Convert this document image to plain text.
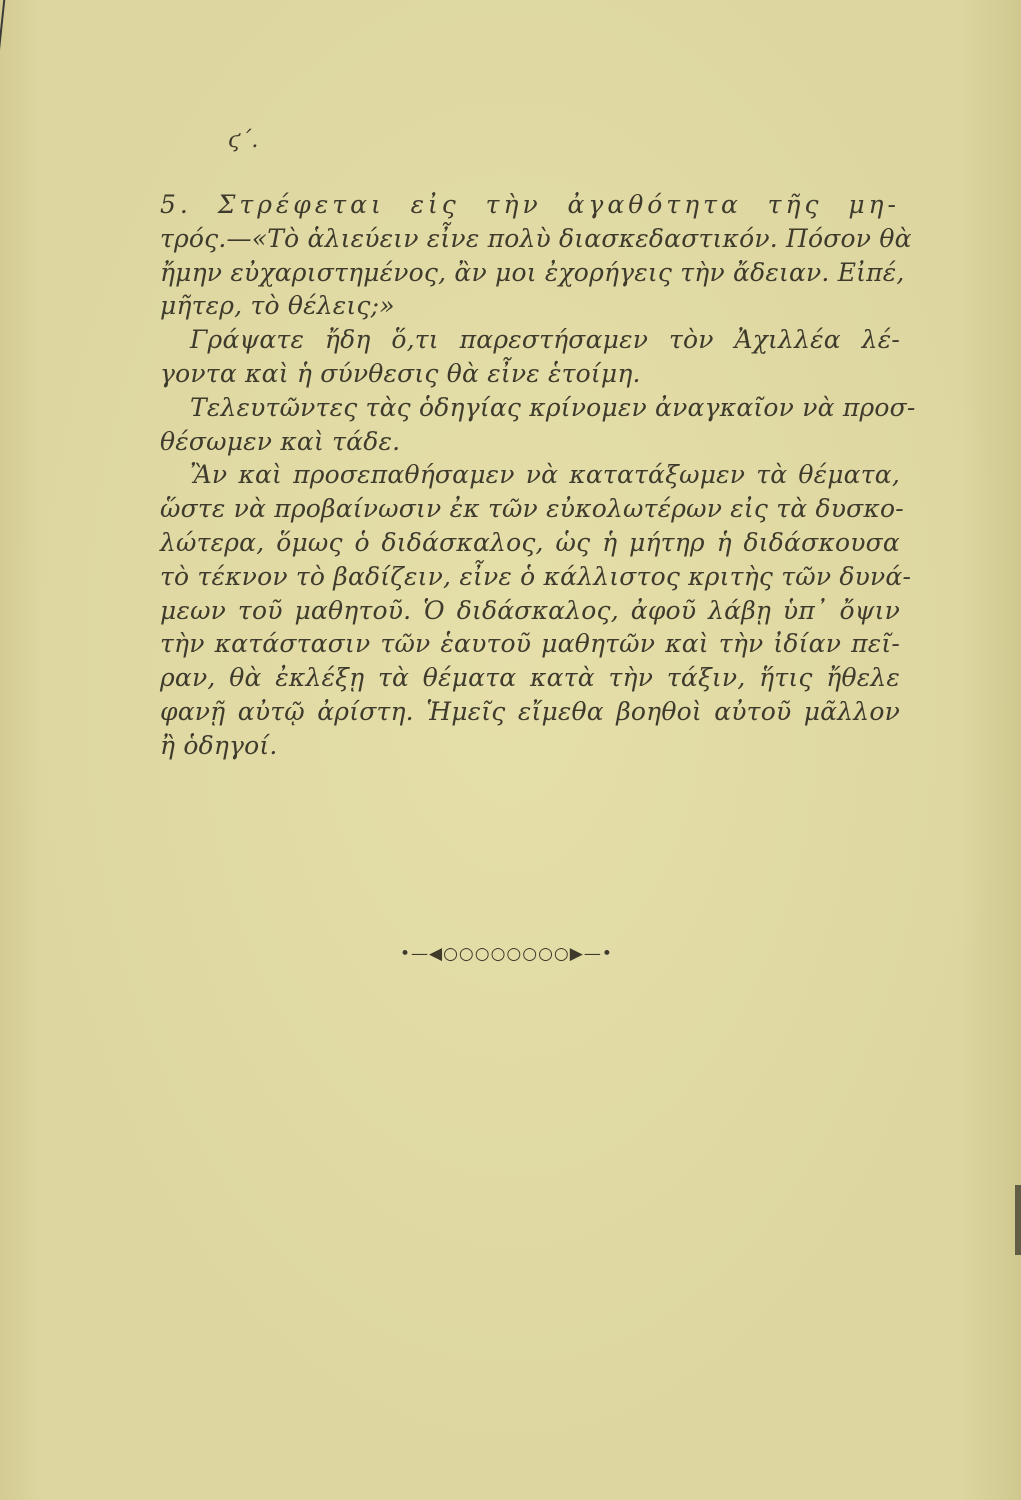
ϛ΄.
5. Στρέφεται εἰς τὴν ἀγαθότητα τῆς μη-
τρός.—«Τὸ ἁλιεύειν εἶνε πολὺ διασκεδαστικόν. Πόσον θὰ
ἤμην εὐχαριστημένος, ἂν μοι ἐχορήγεις τὴν ἄδειαν. Εἰπέ,
μῆτερ, τὸ θέλεις;»
Γράψατε ἤδη ὅ,τι παρεστήσαμεν τὸν Ἀχιλλέα λέ-
γοντα καὶ ἡ σύνθεσις θὰ εἶνε ἑτοίμη.
Τελευτῶντες τὰς ὁδηγίας κρίνομεν ἀναγκαῖον νὰ προσ-
θέσωμεν καὶ τάδε.
Ἂν καὶ προσεπαθήσαμεν νὰ κατατάξωμεν τὰ θέματα,
ὥστε νὰ προβαίνωσιν ἐκ τῶν εὐκολωτέρων εἰς τὰ δυσκο-
λώτερα, ὅμως ὁ διδάσκαλος, ὡς ἡ μήτηρ ἡ διδάσκουσα
τὸ τέκνον τὸ βαδίζειν, εἶνε ὁ κάλλιστος κριτὴς τῶν δυνά-
μεων τοῦ μαθητοῦ. Ὁ διδάσκαλος, ἀφοῦ λάβῃ ὑπ᾽ ὄψιν
τὴν κατάστασιν τῶν ἑαυτοῦ μαθητῶν καὶ τὴν ἰδίαν πεῖ-
ραν, θὰ ἐκλέξῃ τὰ θέματα κατὰ τὴν τάξιν, ἥτις ἤθελε
φανῇ αὐτῷ ἀρίστη. Ἡμεῖς εἴμεθα βοηθοὶ αὐτοῦ μᾶλλον
ἢ ὁδηγοί.
•—◀○○○○○○○○▶—•
